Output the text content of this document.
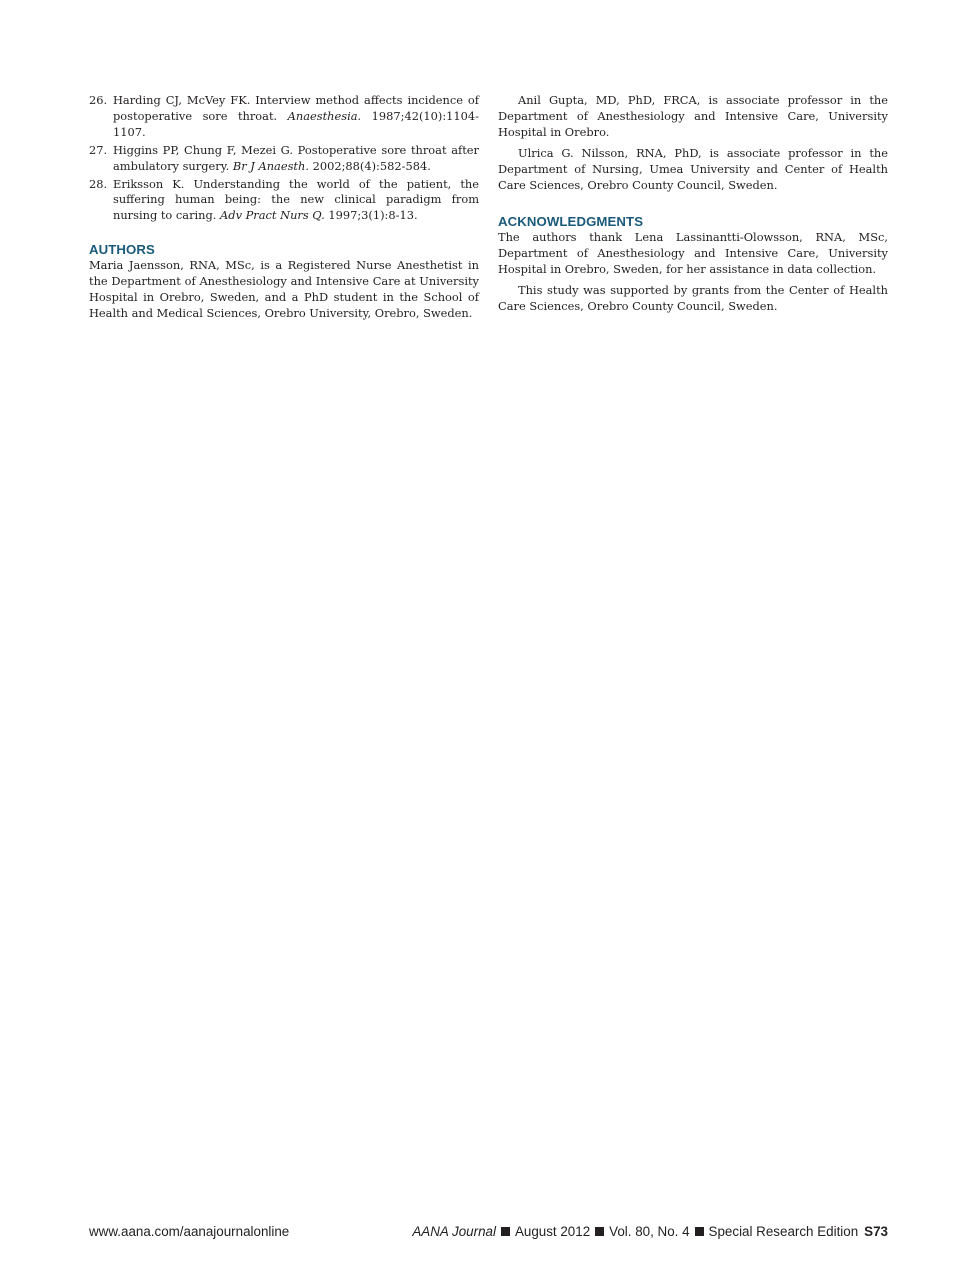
26. Harding CJ, McVey FK. Interview method affects incidence of postoperative sore throat. Anaesthesia. 1987;42(10):1104-1107.
27. Higgins PP, Chung F, Mezei G. Postoperative sore throat after ambulatory surgery. Br J Anaesth. 2002;88(4):582-584.
28. Eriksson K. Understanding the world of the patient, the suffering human being: the new clinical paradigm from nursing to caring. Adv Pract Nurs Q. 1997;3(1):8-13.
AUTHORS

Maria Jaensson, RNA, MSc, is a Registered Nurse Anesthetist in the Department of Anesthesiology and Intensive Care at University Hospital in Orebro, Sweden, and a PhD student in the School of Health and Medical Sciences, Orebro University, Orebro, Sweden.

Anil Gupta, MD, PhD, FRCA, is associate professor in the Department of Anesthesiology and Intensive Care, University Hospital in Orebro.

Ulrica G. Nilsson, RNA, PhD, is associate professor in the Department of Nursing, Umea University and Center of Health Care Sciences, Orebro County Council, Sweden.

ACKNOWLEDGMENTS

The authors thank Lena Lassinantti-Olowsson, RNA, MSc, Department of Anesthesiology and Intensive Care, University Hospital in Orebro, Sweden, for her assistance in data collection.

This study was supported by grants from the Center of Health Care Sciences, Orebro County Council, Sweden.

www.aana.com/aanajournalonline	AANA Journal August 2012 Vol. 80, No. 4 Special Research Edition S73
